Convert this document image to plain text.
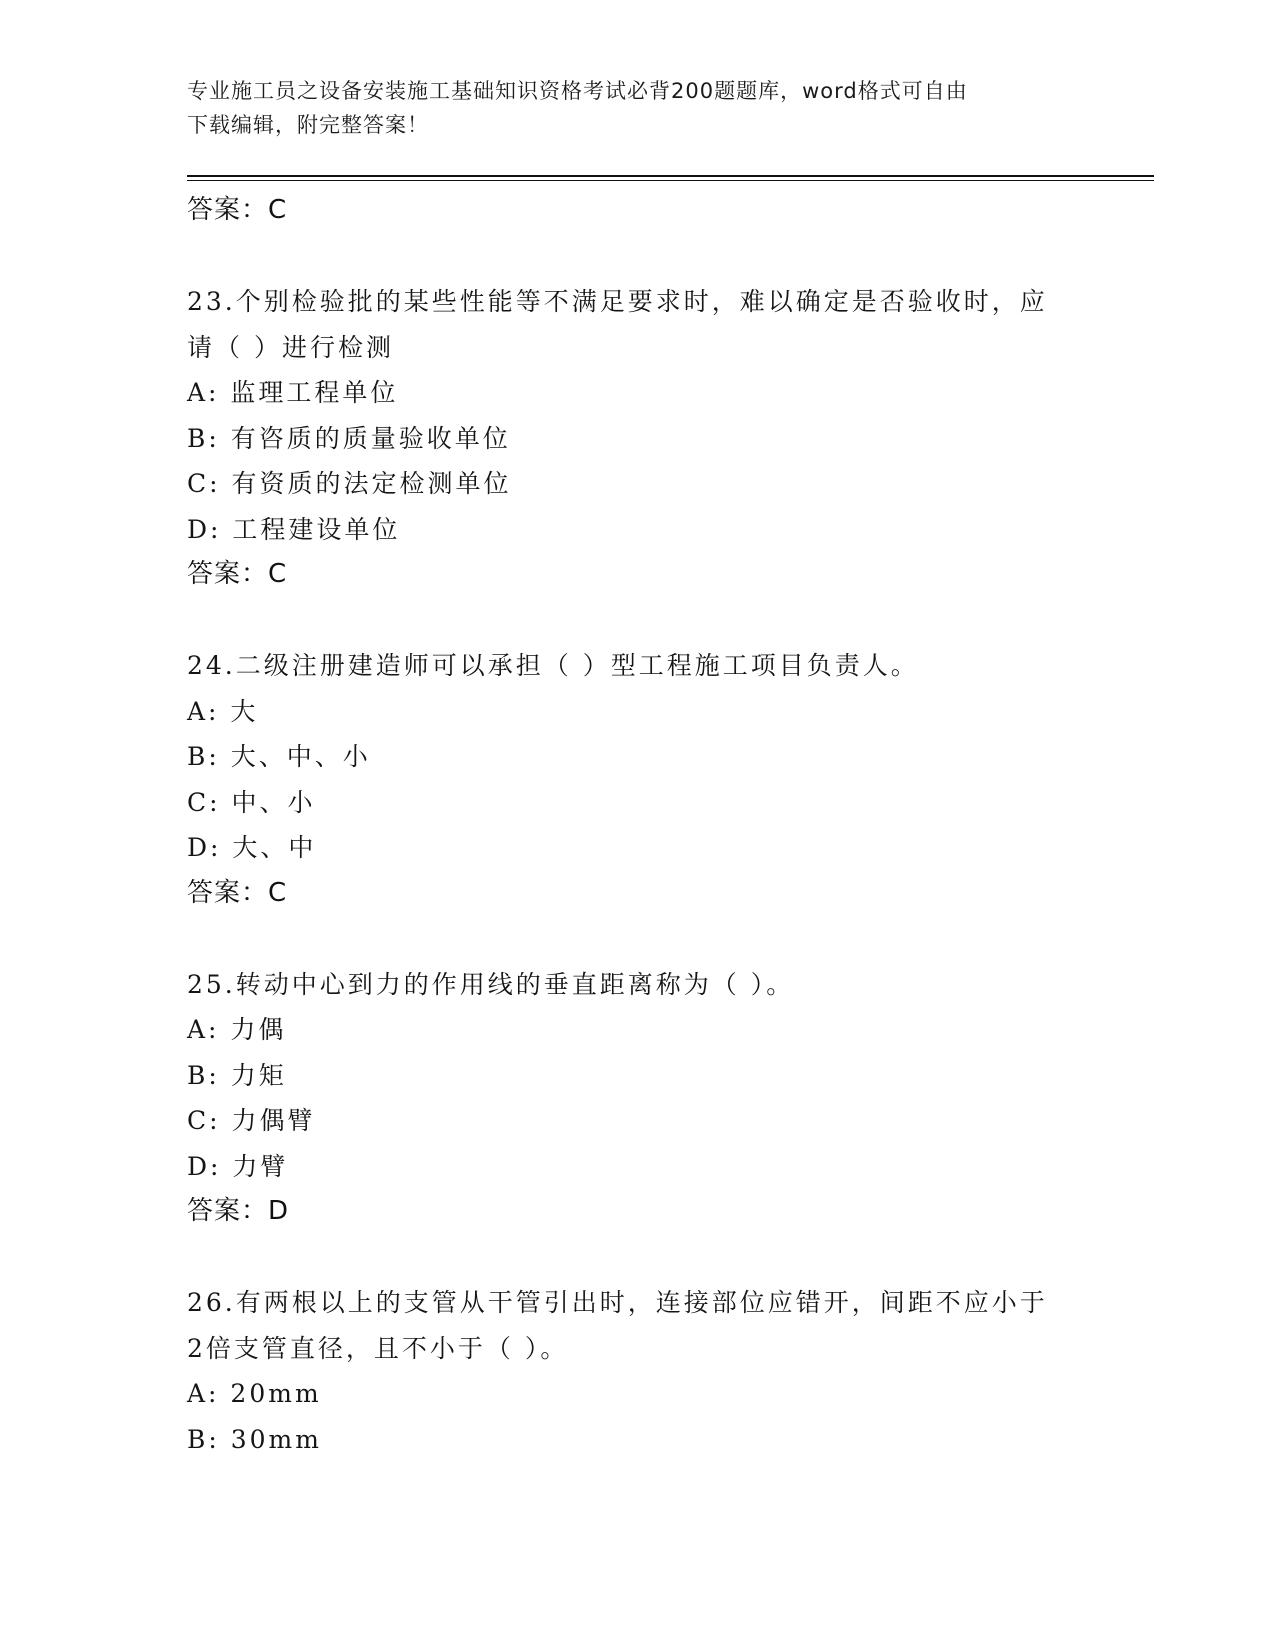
专业施工员之设备安装施工基础知识资格考试必背200题题库，word格式可自由
下载编辑，附完整答案！
答案：C
23.个别检验批的某些性能等不满足要求时，难以确定是否验收时，应
请（ ）进行检测
A: 监理工程单位
B: 有咨质的质量验收单位
C: 有资质的法定检测单位
D: 工程建设单位
答案：C
24.二级注册建造师可以承担（ ）型工程施工项目负责人。
A: 大
B: 大、中、小
C: 中、小
D: 大、中
答案：C
25.转动中心到力的作用线的垂直距离称为（ ）。
A: 力偶
B: 力矩
C: 力偶臂
D: 力臂
答案：D
26.有两根以上的支管从干管引出时，连接部位应错开，间距不应小于
2倍支管直径，且不小于（ ）。
A: 20mm
B: 30mm
